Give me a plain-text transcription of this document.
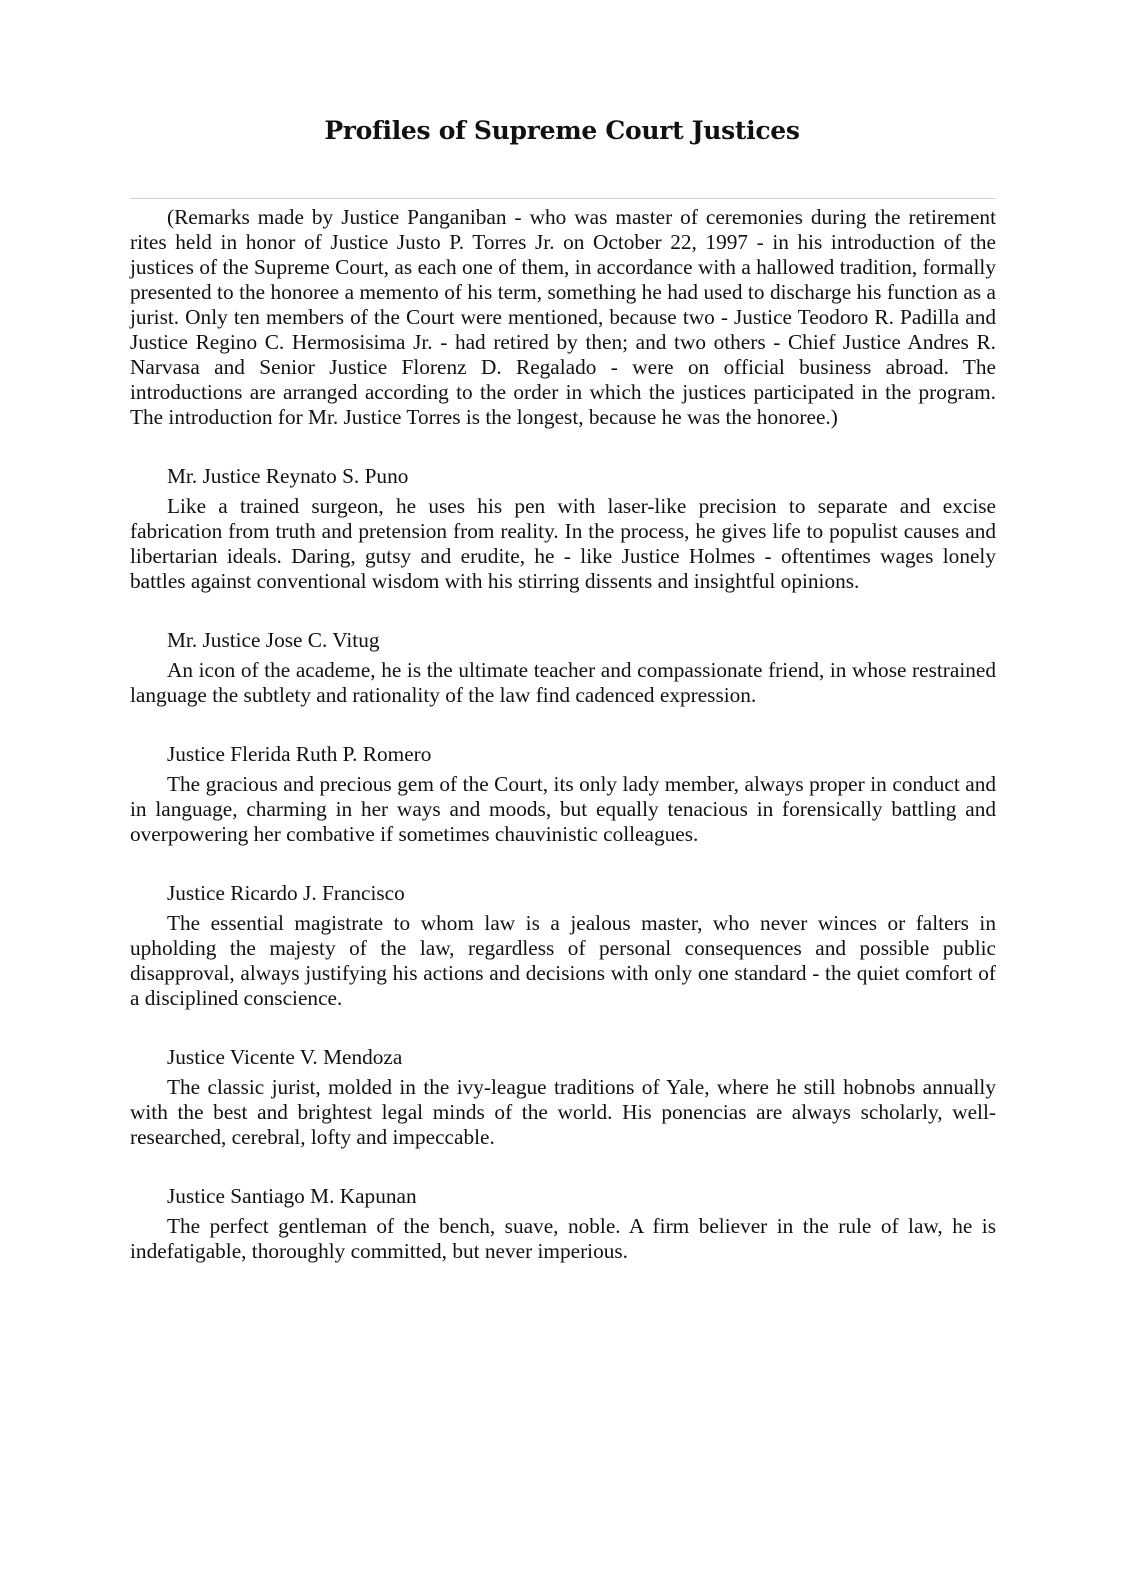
Profiles of Supreme Court Justices

(Remarks made by Justice Panganiban - who was master of ceremonies during the retirement rites held in honor of Justice Justo P. Torres Jr. on October 22, 1997 - in his introduction of the justices of the Supreme Court, as each one of them, in accordance with a hallowed tradition, formally presented to the honoree a memento of his term, something he had used to discharge his function as a jurist. Only ten members of the Court were mentioned, because two - Justice Teodoro R. Padilla and Justice Regino C. Hermosisima Jr. - had retired by then; and two others - Chief Justice Andres R. Narvasa and Senior Justice Florenz D. Regalado - were on official business abroad. The introductions are arranged according to the order in which the justices participated in the program. The introduction for Mr. Justice Torres is the longest, because he was the honoree.)

Mr. Justice Reynato S. Puno

Like a trained surgeon, he uses his pen with laser-like precision to separate and excise fabrication from truth and pretension from reality. In the process, he gives life to populist causes and libertarian ideals. Daring, gutsy and erudite, he - like Justice Holmes - oftentimes wages lonely battles against conventional wisdom with his stirring dissents and insightful opinions.

Mr. Justice Jose C. Vitug

An icon of the academe, he is the ultimate teacher and compassionate friend, in whose restrained language the subtlety and rationality of the law find cadenced expression.

Justice Flerida Ruth P. Romero

The gracious and precious gem of the Court, its only lady member, always proper in conduct and in language, charming in her ways and moods, but equally tenacious in forensically battling and overpowering her combative if sometimes chauvinistic colleagues.

Justice Ricardo J. Francisco

The essential magistrate to whom law is a jealous master, who never winces or falters in upholding the majesty of the law, regardless of personal consequences and possible public disapproval, always justifying his actions and decisions with only one standard - the quiet comfort of a disciplined conscience.

Justice Vicente V. Mendoza

The classic jurist, molded in the ivy-league traditions of Yale, where he still hobnobs annually with the best and brightest legal minds of the world. His ponencias are always scholarly, well-researched, cerebral, lofty and impeccable.

Justice Santiago M. Kapunan

The perfect gentleman of the bench, suave, noble. A firm believer in the rule of law, he is indefatigable, thoroughly committed, but never imperious.
